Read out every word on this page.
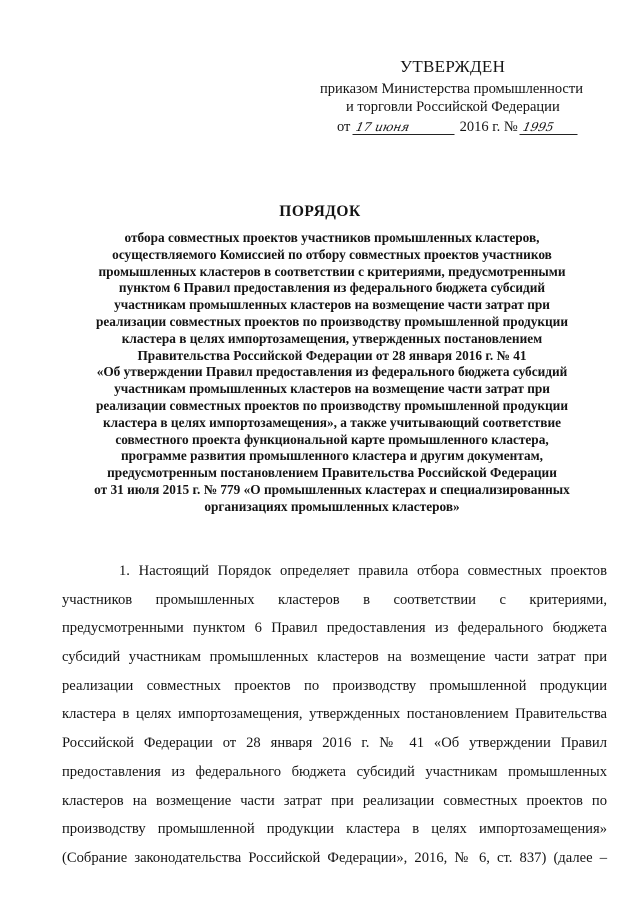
УТВЕРЖДЕН
приказом Министерства промышленности
и торговли Российской Федерации
от 17 июня	2016 г. № 1995
ПОРЯДОК
отбора совместных проектов участников промышленных кластеров,
осуществляемого Комиссией по отбору совместных проектов участников
промышленных кластеров в соответствии с критериями, предусмотренными
пунктом 6 Правил предоставления из федерального бюджета субсидий
участникам промышленных кластеров на возмещение части затрат при
реализации совместных проектов по производству промышленной продукции
кластера в целях импортозамещения, утвержденных постановлением
Правительства Российской Федерации от 28 января 2016 г. № 41
«Об утверждении Правил предоставления из федерального бюджета субсидий
участникам промышленных кластеров на возмещение части затрат при
реализации совместных проектов по производству промышленной продукции
кластера в целях импортозамещения», а также учитывающий соответствие
совместного проекта функциональной карте промышленного кластера,
программе развития промышленного кластера и другим документам,
предусмотренным постановлением Правительства Российской Федерации
от 31 июля 2015 г. № 779 «О промышленных кластерах и специализированных
организациях промышленных кластеров»
1. Настоящий Порядок определяет правила отбора совместных проектов
участников промышленных кластеров в соответствии с критериями,
предусмотренными пунктом 6 Правил предоставления из федерального бюджета
субсидий участникам промышленных кластеров на возмещение части затрат при
реализации совместных проектов по производству промышленной продукции
кластера в целях импортозамещения, утвержденных постановлением Правительства
Российской Федерации от 28 января 2016 г. № 41 «Об утверждении Правил
предоставления из федерального бюджета субсидий участникам промышленных
кластеров на возмещение части затрат при реализации совместных проектов по
производству промышленной продукции кластера в целях импортозамещения»
(Собрание законодательства Российской Федерации», 2016, № 6, ст. 837) (далее –
